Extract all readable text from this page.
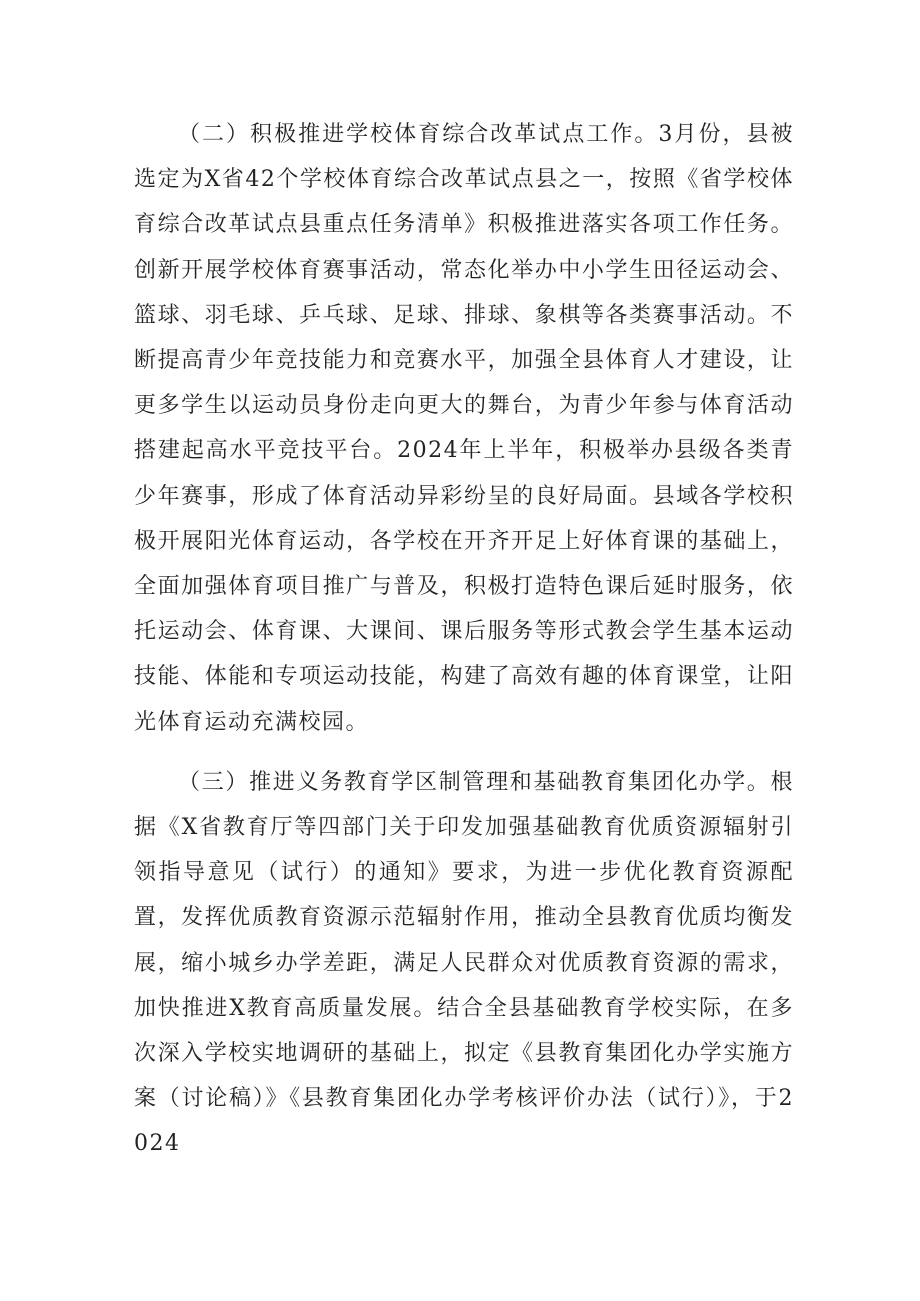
（二）积极推进学校体育综合改革试点工作。3月份，县被选定为X省42个学校体育综合改革试点县之一，按照《省学校体育综合改革试点县重点任务清单》积极推进落实各项工作任务。创新开展学校体育赛事活动，常态化举办中小学生田径运动会、篮球、羽毛球、乒乓球、足球、排球、象棋等各类赛事活动。不断提高青少年竞技能力和竞赛水平，加强全县体育人才建设，让更多学生以运动员身份走向更大的舞台，为青少年参与体育活动搭建起高水平竞技平台。2024年上半年，积极举办县级各类青少年赛事，形成了体育活动异彩纷呈的良好局面。县域各学校积极开展阳光体育运动，各学校在开齐开足上好体育课的基础上，全面加强体育项目推广与普及，积极打造特色课后延时服务，依托运动会、体育课、大课间、课后服务等形式教会学生基本运动技能、体能和专项运动技能，构建了高效有趣的体育课堂，让阳光体育运动充满校园。

（三）推进义务教育学区制管理和基础教育集团化办学。根据《X省教育厅等四部门关于印发加强基础教育优质资源辐射引领指导意见（试行）的通知》要求，为进一步优化教育资源配置，发挥优质教育资源示范辐射作用，推动全县教育优质均衡发展，缩小城乡办学差距，满足人民群众对优质教育资源的需求，加快推进X教育高质量发展。结合全县基础教育学校实际，在多次深入学校实地调研的基础上，拟定《县教育集团化办学实施方案（讨论稿）》《县教育集团化办学考核评价办法（试行）》，于2024
